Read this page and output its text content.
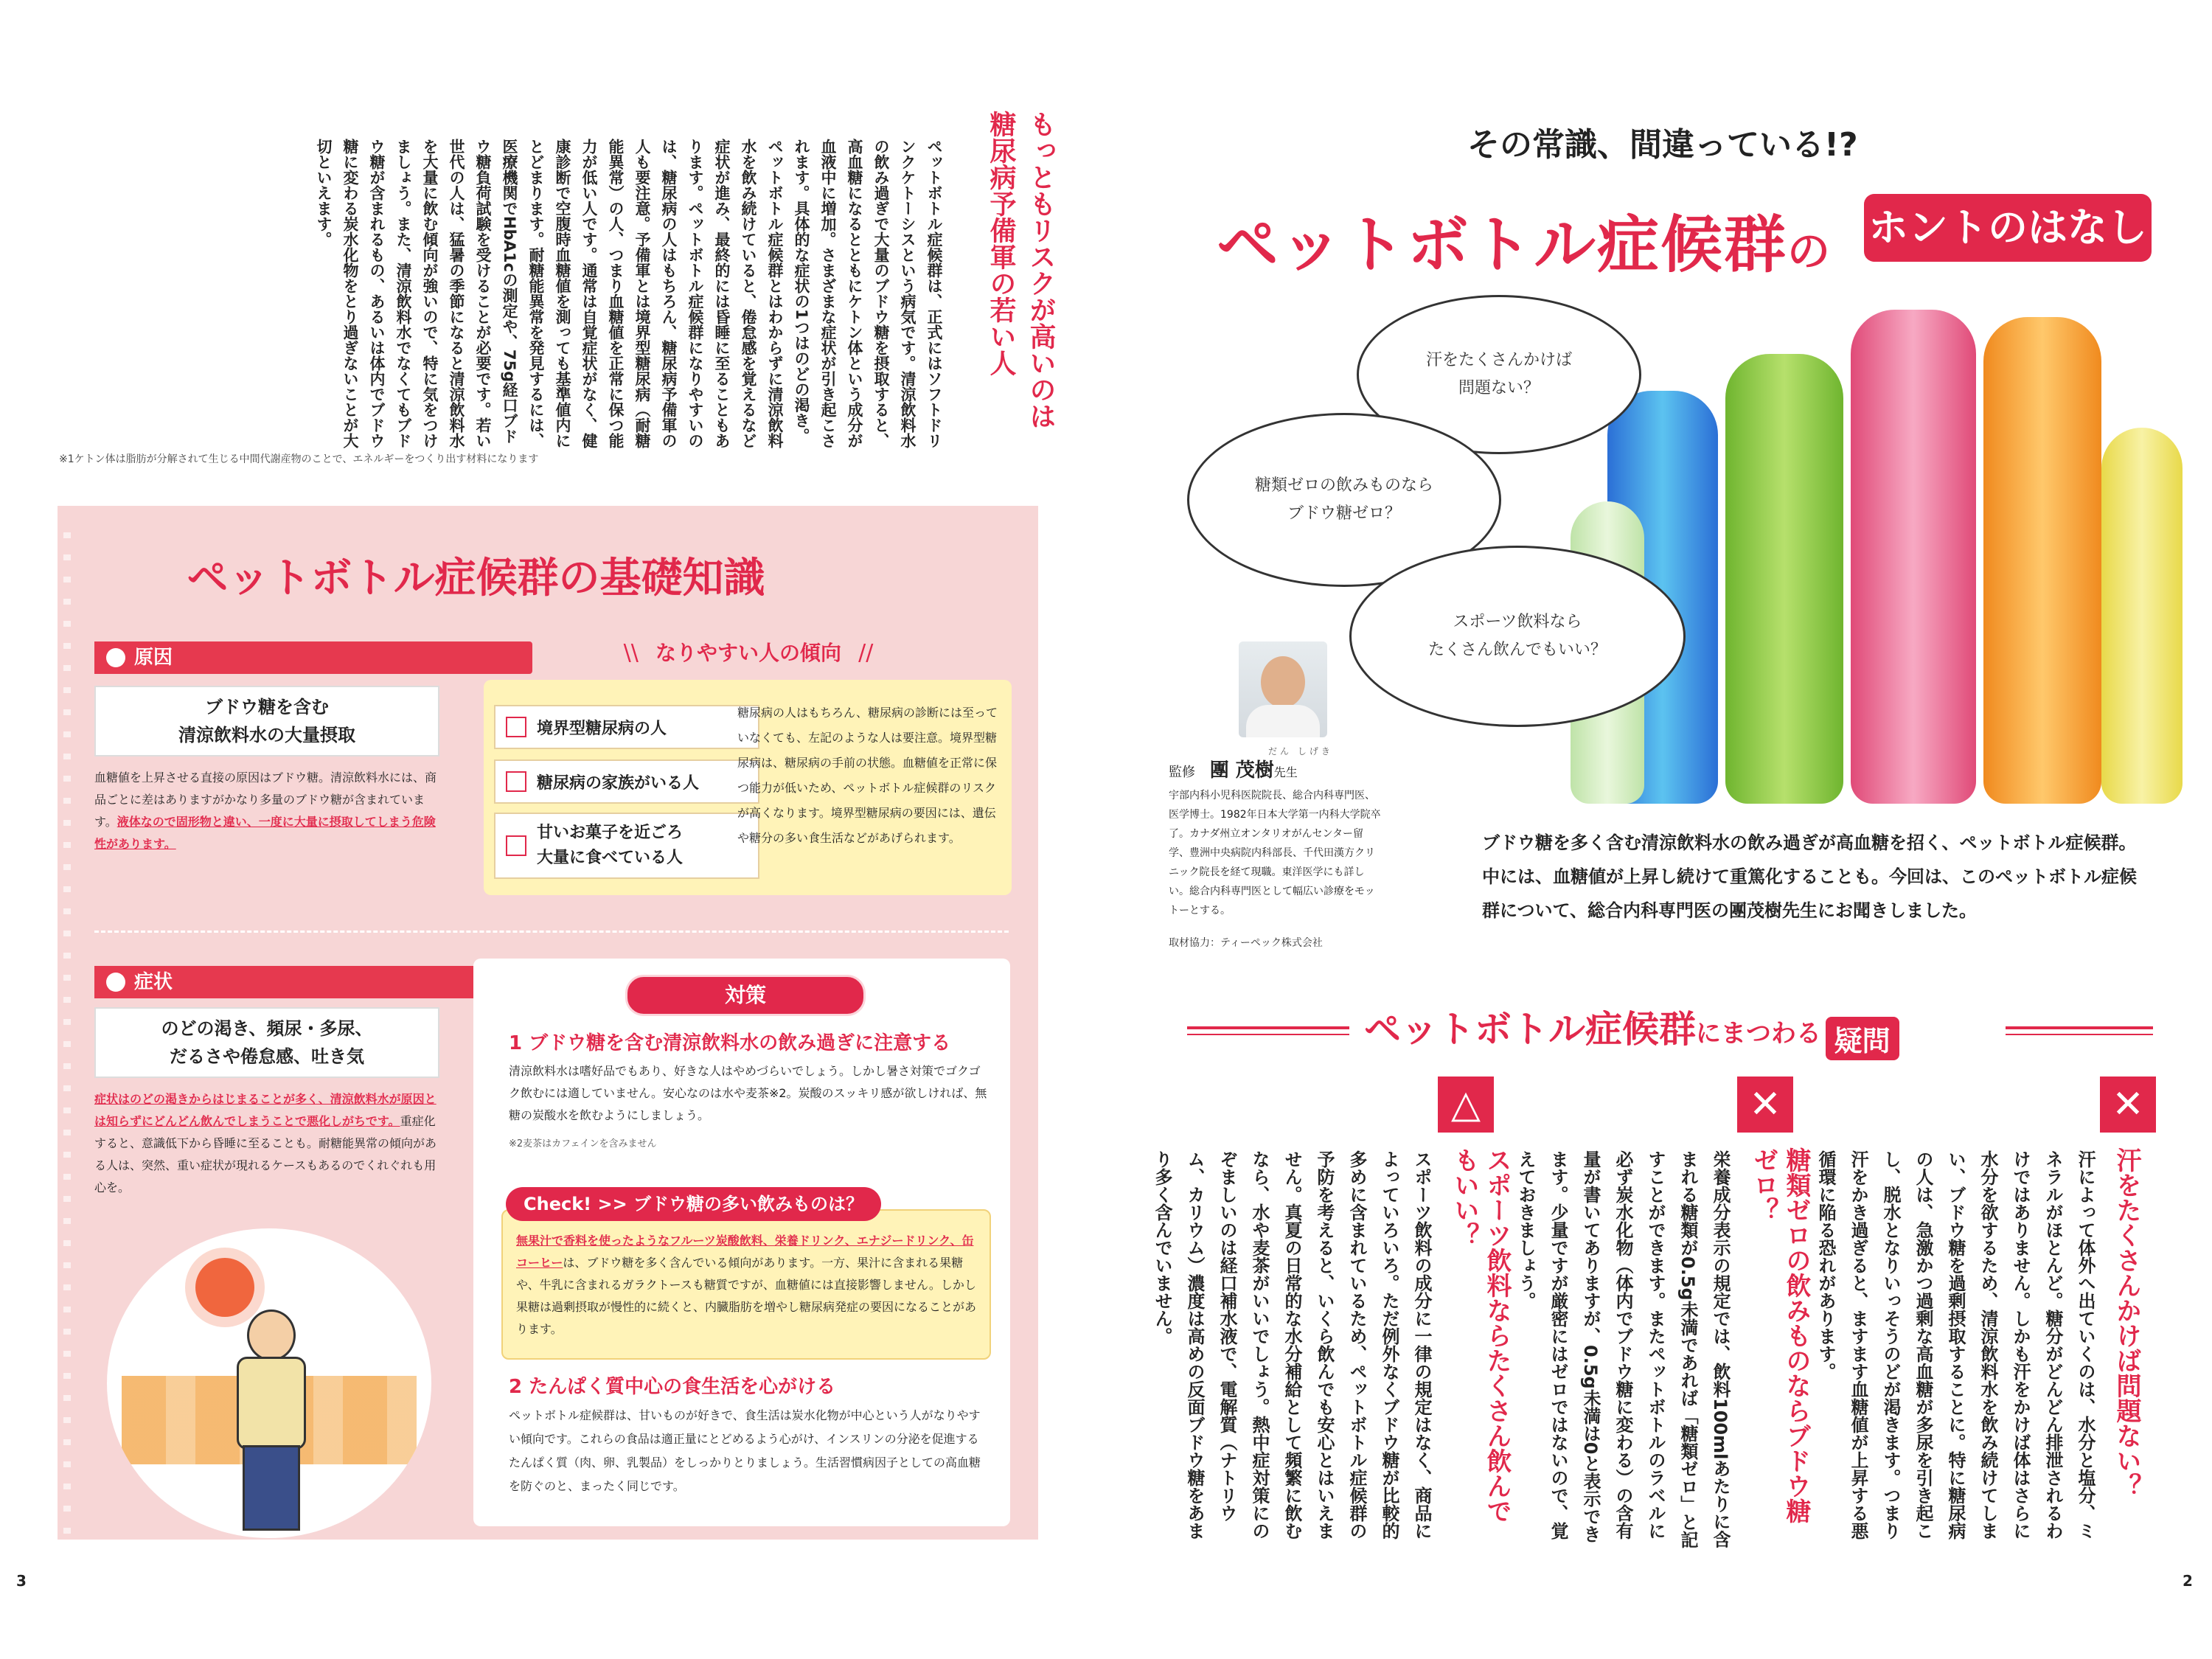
もっともリスクが高いのは
糖尿病予備軍の若い人

ペットボトル症候群は、正式にはソフトドリンクケトーシスという病気です。清涼飲料水の飲み過ぎで大量のブドウ糖を摂取すると、高血糖になるとともにケトン体という成分が血液中に増加。さまざまな症状が引き起こされます。具体的な症状の1つはのどの渇き。ペットボトル症候群とはわからずに清涼飲料水を飲み続けていると、倦怠感を覚えるなど症状が進み、最終的には昏睡に至ることもあります。ペットボトル症候群になりやすいのは、糖尿病の人はもちろん、糖尿病予備軍の人も要注意。予備軍とは境界型糖尿病（耐糖能異常）の人、つまり血糖値を正常に保つ能力が低い人です。通常は自覚症状がなく、健康診断で空腹時血糖値を測っても基準値内にとどまります。耐糖能異常を発見するには、医療機関でHbA1cの測定や、75g経口ブドウ糖負荷試験を受けることが必要です。若い世代の人は、猛暑の季節になると清涼飲料水を大量に飲む傾向が強いので、特に気をつけましょう。また、清涼飲料水でなくてもブドウ糖が含まれるもの、あるいは体内でブドウ糖に変わる炭水化物をとり過ぎないことが大切といえます。

※1ケトン体は脂肪が分解されて生じる中間代謝産物のことで、エネルギーをつくり出す材料になります
ペットボトル症候群の基礎知識
原因
ブドウ糖を含む
清涼飲料水の大量摂取
血糖値を上昇させる直接の原因はブドウ糖。清涼飲料水には、商品ごとに差はありますがかなり多量のブドウ糖が含まれています。液体なので固形物と違い、一度に大量に摂取してしまう危険性があります。
\\ なりやすい人の傾向 //
境界型糖尿病の人
糖尿病の家族がいる人
甘いお菓子を近ごろ
大量に食べている人
糖尿病の人はもちろん、糖尿病の診断には至っていなくても、左記のような人は要注意。境界型糖尿病は、糖尿病の手前の状態。血糖値を正常に保つ能力が低いため、ペットボトル症候群のリスクが高くなります。境界型糖尿病の要因には、遺伝や糖分の多い食生活などがあげられます。
症状
のどの渇き、頻尿・多尿、
だるさや倦怠感、吐き気
症状はのどの渇きからはじまることが多く、清涼飲料水が原因とは知らずにどんどん飲んでしまうことで悪化しがちです。重症化すると、意識低下から昏睡に至ることも。耐糖能異常の傾向がある人は、突然、重い症状が現れるケースもあるのでくれぐれも用心を。
対策
1 ブドウ糖を含む清涼飲料水の飲み過ぎに注意する
清涼飲料水は嗜好品でもあり、好きな人はやめづらいでしょう。しかし暑さ対策でゴクゴク飲むには適していません。安心なのは水や麦茶※2。炭酸のスッキリ感が欲しければ、無糖の炭酸水を飲むようにしましょう。
※2麦茶はカフェインを含みません
Check! >> ブドウ糖の多い飲みものは？
無果汁で香料を使ったようなフルーツ炭酸飲料、栄養ドリンク、エナジードリンク、缶コーヒーは、ブドウ糖を多く含んでいる傾向があります。一方、果汁に含まれる果糖や、牛乳に含まれるガラクトースも糖質ですが、血糖値には直接影響しません。しかし果糖は過剰摂取が慢性的に続くと、内臓脂肪を増やし糖尿病発症の要因になることがあります。
2 たんぱく質中心の食生活を心がける
ペットボトル症候群は、甘いものが好きで、食生活は炭水化物が中心という人がなりやすい傾向です。これらの食品は適正量にとどめるよう心がけ、インスリンの分泌を促進するたんぱく質（肉、卵、乳製品）をしっかりとりましょう。生活習慣病因子としての高血糖を防ぐのと、まったく同じです。
3
その常識、間違っている!?
ペットボトル症候群の ホントのはなし
汗をたくさんかけば
問題ない？
糖類ゼロの飲みものなら
ブドウ糖ゼロ？
スポーツ飲料なら
たくさん飲んでもいい？
だん しげき
監修 團 茂樹先生
宇部内科小児科医院院長、総合内科専門医、医学博士。1982年日本大学第一内科大学院卒了。カナダ州立オンタリオがんセンター留学、豊洲中央病院内科部長、千代田漢方クリニック院長を経て現職。東洋医学にも詳しい。総合内科専門医として幅広い診療をモットーとする。
取材協力：ティーペック株式会社
ブドウ糖を多く含む清涼飲料水の飲み過ぎが高血糖を招く、ペットボトル症候群。中には、血糖値が上昇し続けて重篤化することも。今回は、このペットボトル症候群について、総合内科専門医の團茂樹先生にお聞きしました。
ペットボトル症候群にまつわる 疑問
✕
汗をたくさんかけば問題ない？
汗によって体外へ出ていくのは、水分と塩分、ミネラルがほとんど。糖分がどんどん排泄されるわけではありません。しかも汗をかけば体はさらに水分を欲するため、清涼飲料水を飲み続けてしまい、ブドウ糖を過剰摂取することに。特に糖尿病の人は、急激かつ過剰な高血糖が多尿を引き起こし、脱水となりいっそうのどが渇きます。つまり汗をかき過ぎると、ますます血糖値が上昇する悪循環に陥る恐れがあります。
✕
糖類ゼロの飲みものならブドウ糖ゼロ？
栄養成分表示の規定では、飲料100mlあたりに含まれる糖類が0.5g未満であれば「糖類ゼロ」と記すことができます。またペットボトルのラベルに必ず炭水化物（体内でブドウ糖に変わる）の含有量が書いてありますが、0.5g未満は0と表示できます。少量ですが厳密にはゼロではないので、覚えておきましょう。
△
スポーツ飲料ならたくさん飲んでもいい？
スポーツ飲料の成分に一律の規定はなく、商品によっていろいろ。ただ例外なくブドウ糖が比較的多めに含まれているため、ペットボトル症候群の予防を考えると、いくら飲んでも安心とはいえません。真夏の日常的な水分補給として頻繁に飲むなら、水や麦茶がいいでしょう。熱中症対策にのぞましいのは経口補水液で、電解質（ナトリウム、カリウム）濃度は高めの反面ブドウ糖をあまり多く含んでいません。
2
